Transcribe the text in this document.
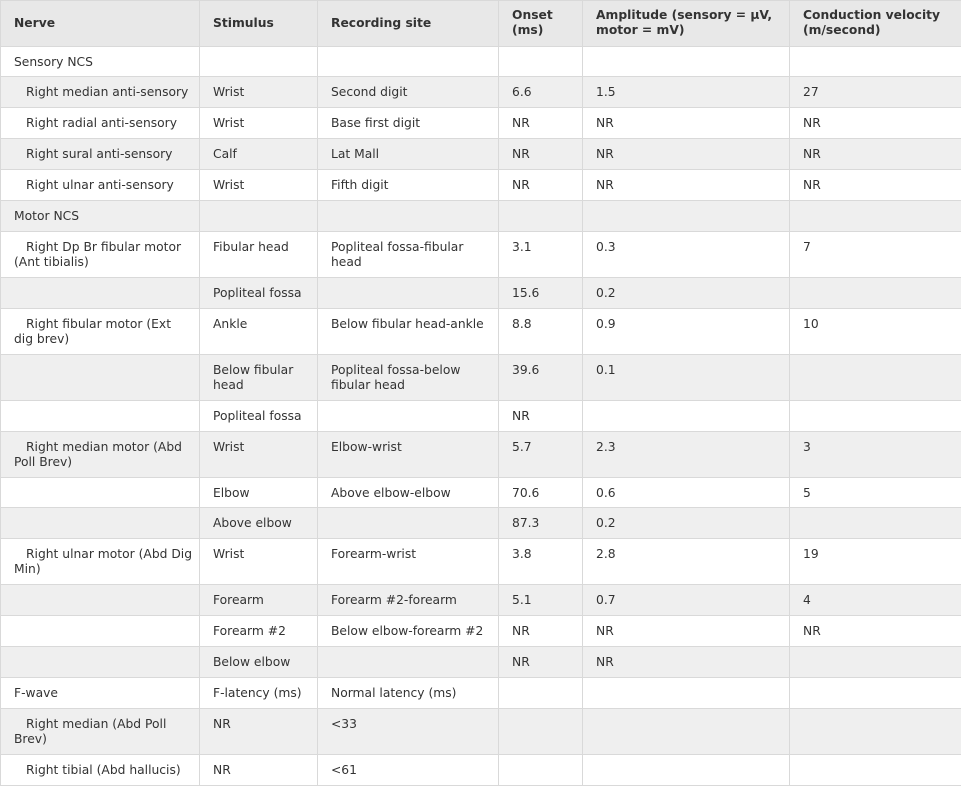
Nerve	Stimulus	Recording site	Onset (ms)	Amplitude (sensory = µV, motor = mV)	Conduction velocity (m/second)
Sensory NCS					

Right median anti-sensory	Wrist	Second digit	6.6	1.5	27

Right radial anti-sensory	Wrist	Base first digit	NR	NR	NR

Right sural anti-sensory	Calf	Lat Mall	NR	NR	NR

Right ulnar anti-sensory	Wrist	Fifth digit	NR	NR	NR
Motor NCS					

Right Dp Br fibular motor (Ant tibialis)	Fibular head	Popliteal fossa-fibular head	3.1	0.3	7
	Popliteal fossa		15.6	0.2	

Right fibular motor (Ext dig brev)	Ankle	Below fibular head-ankle	8.8	0.9	10
	Below fibular head	Popliteal fossa-below fibular head	39.6	0.1	
	Popliteal fossa		NR		

Right median motor (Abd Poll Brev)	Wrist	Elbow-wrist	5.7	2.3	3
	Elbow	Above elbow-elbow	70.6	0.6	5
	Above elbow		87.3	0.2	

Right ulnar motor (Abd Dig Min)	Wrist	Forearm-wrist	3.8	2.8	19
	Forearm	Forearm #2-forearm	5.1	0.7	4
	Forearm #2	Below elbow-forearm #2	NR	NR	NR
	Below elbow		NR	NR	
F-wave	F-latency (ms)	Normal latency (ms)			

Right median (Abd Poll Brev)	NR	<33			

Right tibial (Abd hallucis)	NR	<61			
